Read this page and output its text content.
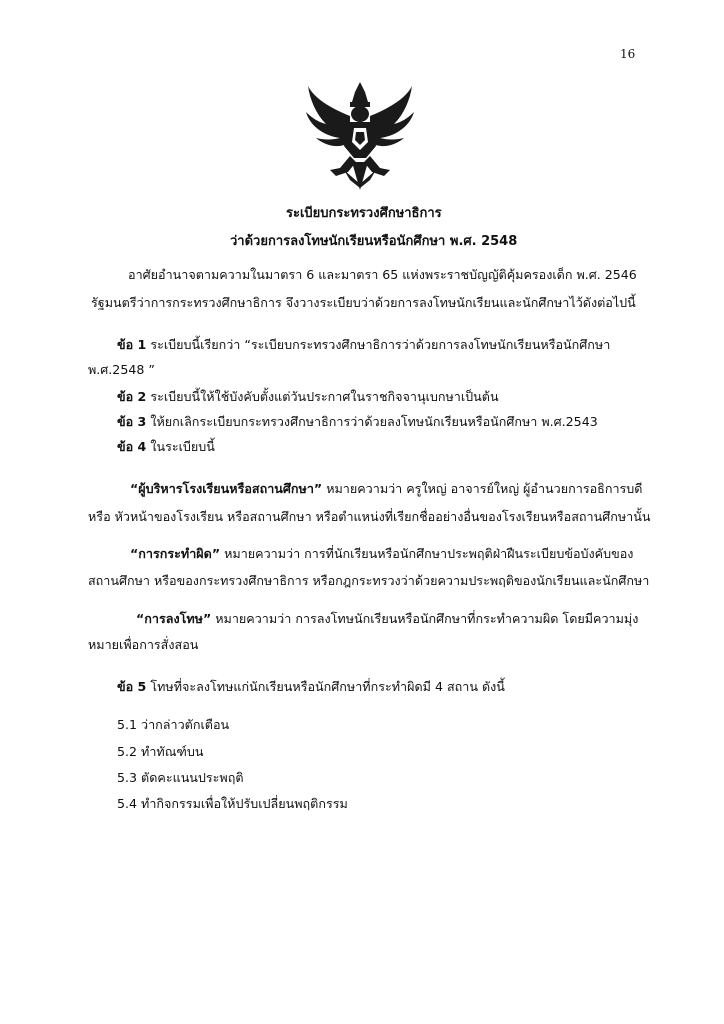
16
ระเบียบกระทรวงศึกษาธิการ
ว่าด้วยการลงโทษนักเรียนหรือนักศึกษา พ.ศ. 2548
อาศัยอำนาจตามความในมาตรา 6 และมาตรา 65 แห่งพระราชบัญญัติคุ้มครองเด็ก พ.ศ. 2546
รัฐมนตรีว่าการกระทรวงศึกษาธิการ จึงวางระเบียบว่าด้วยการลงโทษนักเรียนและนักศึกษาไว้ดังต่อไปนี้
ข้อ 1 ระเบียบนี้เรียกว่า “ระเบียบกระทรวงศึกษาธิการว่าด้วยการลงโทษนักเรียนหรือนักศึกษา
พ.ศ.2548 ”
ข้อ 2 ระเบียบนี้ให้ใช้บังคับตั้งแต่วันประกาศในราชกิจจานุเบกษาเป็นต้น
ข้อ 3 ให้ยกเลิกระเบียบกระทรวงศึกษาธิการว่าด้วยลงโทษนักเรียนหรือนักศึกษา พ.ศ.2543
ข้อ 4 ในระเบียบนี้
“ผู้บริหารโรงเรียนหรือสถานศึกษา” หมายความว่า ครูใหญ่ อาจารย์ใหญ่ ผู้อำนวยการอธิการบดี
หรือ หัวหน้าของโรงเรียน หรือสถานศึกษา หรือตำแหน่งที่เรียกชื่ออย่างอื่นของโรงเรียนหรือสถานศึกษานั้น
“การกระทำผิด” หมายความว่า การที่นักเรียนหรือนักศึกษาประพฤติฝ่าฝืนระเบียบข้อบังคับของ
สถานศึกษา หรือของกระทรวงศึกษาธิการ หรือกฎกระทรวงว่าด้วยความประพฤติของนักเรียนและนักศึกษา
“การลงโทษ” หมายความว่า การลงโทษนักเรียนหรือนักศึกษาที่กระทำความผิด โดยมีความมุ่ง
หมายเพื่อการสั่งสอน
ข้อ 5 โทษที่จะลงโทษแก่นักเรียนหรือนักศึกษาที่กระทำผิดมี 4 สถาน ดังนี้
5.1 ว่ากล่าวตักเตือน
5.2 ทำทัณฑ์บน
5.3 ตัดคะแนนประพฤติ
5.4 ทำกิจกรรมเพื่อให้ปรับเปลี่ยนพฤติกรรม
